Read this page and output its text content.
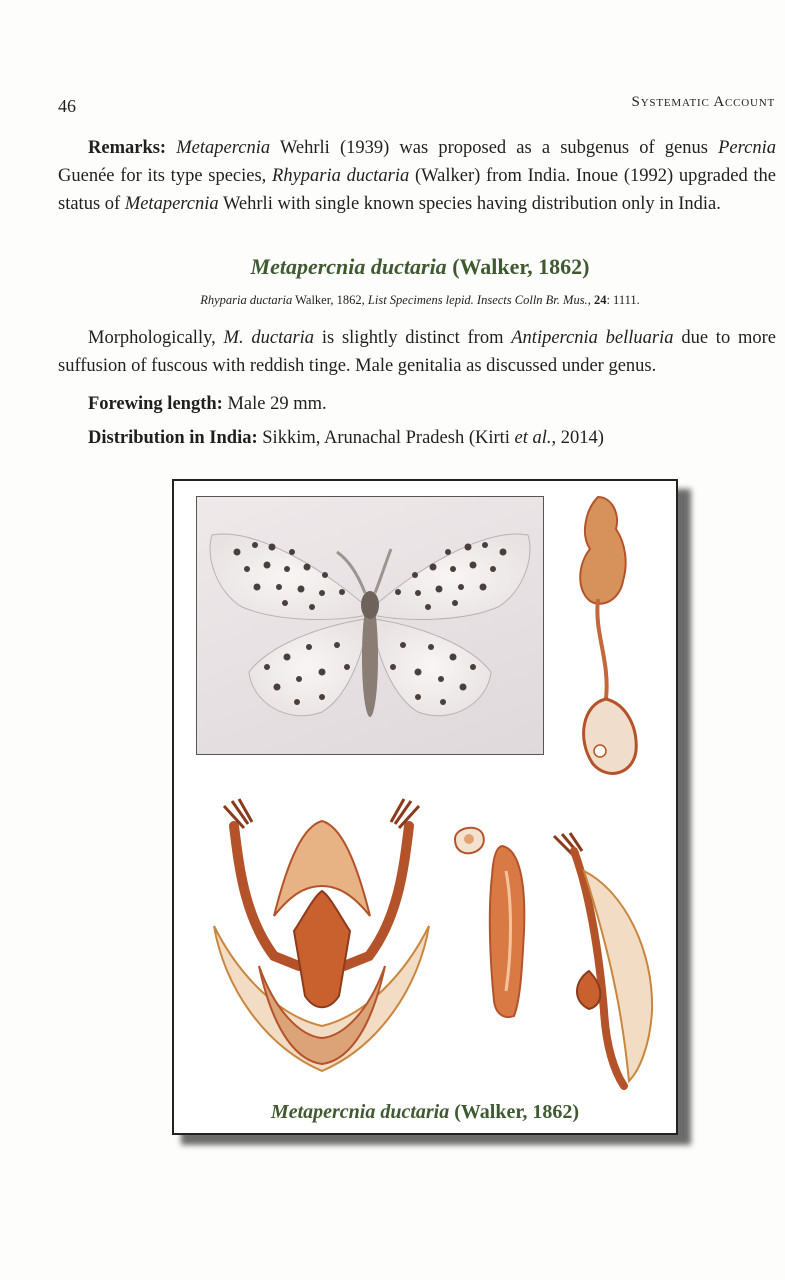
46	Systematic Account
Remarks: Metapercnia Wehrli (1939) was proposed as a subgenus of genus Percnia Guenée for its type species, Rhyparia ductaria (Walker) from India. Inoue (1992) upgraded the status of Metapercnia Wehrli with single known species having distribution only in India.
Metapercnia ductaria (Walker, 1862)
Rhyparia ductaria Walker, 1862, List Specimens lepid. Insects Colln Br. Mus., 24: 1111.
Morphologically, M. ductaria is slightly distinct from Antipercnia belluaria due to more suffusion of fuscous with reddish tinge. Male genitalia as discussed under genus.
Forewing length: Male 29 mm.
Distribution in India: Sikkim, Arunachal Pradesh (Kirti et al., 2014)
Metapercnia ductaria (Walker, 1862)
